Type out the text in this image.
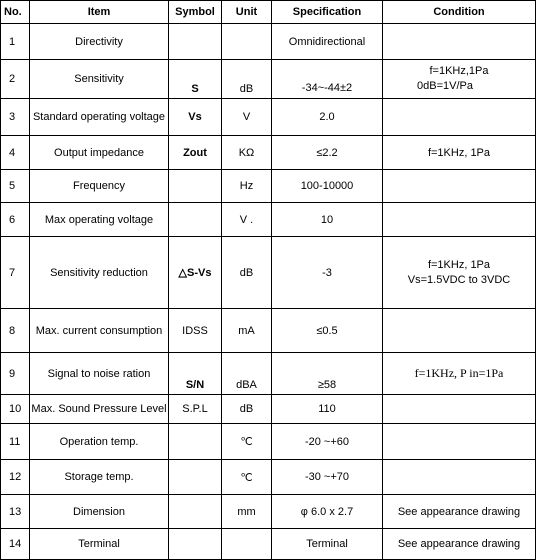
No.	Item	Symbol	Unit	Specification	Condition
1	Directivity			Omnidirectional	
2	Sensitivity	S	dB	-34~-44±2	f=1KHz,1Pa
0dB=1V/Pa

3	Standard operating voltage	Vs	V	2.0	
4	Output impedance	Zout	KΩ	≤2.2	f=1KHz, 1Pa
5	Frequency		Hz	100-10000	
6	Max operating voltage		V .	10	
7	Sensitivity reduction	△S-Vs	dB	-3	f=1KHz, 1Pa
Vs=1.5VDC to 3VDC

8	Max. current consumption	IDSS	mA	≤0.5	
9	Signal to noise ration	S/N	dBA	≥58	f=1KHz, P in=1Pa
10	Max. Sound Pressure Level	S.P.L	dB	110	
11	Operation temp.		℃	-20 ~+60	
12	Storage temp.		℃	-30 ~+70	
13	Dimension		mm	φ 6.0 x 2.7	See appearance drawing
14	Terminal			Terminal	See appearance drawing
